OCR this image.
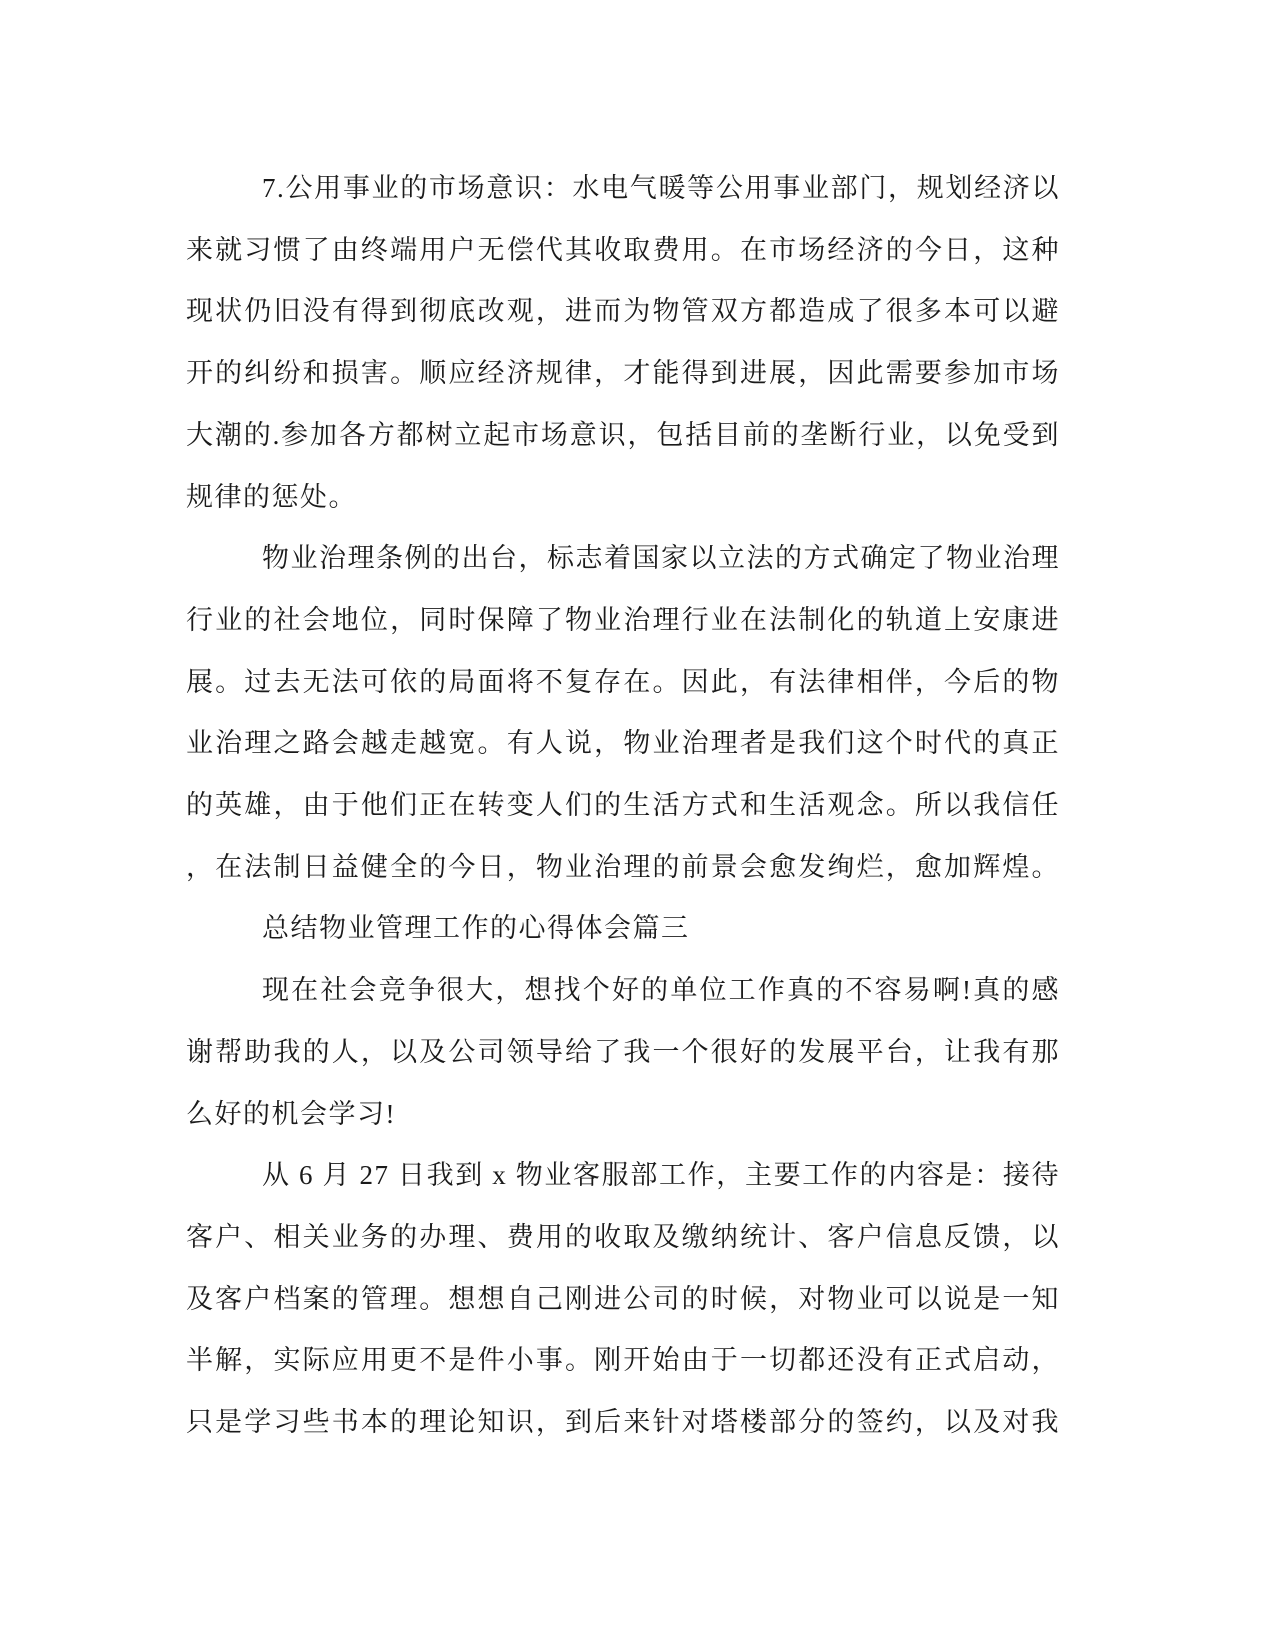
7.公用事业的市场意识：水电气暖等公用事业部门，规划经济以
来就习惯了由终端用户无偿代其收取费用。在市场经济的今日，这种
现状仍旧没有得到彻底改观，进而为物管双方都造成了很多本可以避
开的纠纷和损害。顺应经济规律，才能得到进展，因此需要参加市场
大潮的.参加各方都树立起市场意识，包括目前的垄断行业，以免受到
规律的惩处。
物业治理条例的出台，标志着国家以立法的方式确定了物业治理
行业的社会地位，同时保障了物业治理行业在法制化的轨道上安康进
展。过去无法可依的局面将不复存在。因此，有法律相伴，今后的物
业治理之路会越走越宽。有人说，物业治理者是我们这个时代的真正
的英雄，由于他们正在转变人们的生活方式和生活观念。所以我信任
，在法制日益健全的今日，物业治理的前景会愈发绚烂，愈加辉煌。
总结物业管理工作的心得体会篇三
现在社会竞争很大，想找个好的单位工作真的不容易啊!真的感
谢帮助我的人，以及公司领导给了我一个很好的发展平台，让我有那
么好的机会学习!
从 6 月 27 日我到 x 物业客服部工作，主要工作的内容是：接待
客户、相关业务的办理、费用的收取及缴纳统计、客户信息反馈，以
及客户档案的管理。想想自己刚进公司的时候，对物业可以说是一知
半解，实际应用更不是件小事。刚开始由于一切都还没有正式启动，
只是学习些书本的理论知识，到后来针对塔楼部分的签约，以及对我
